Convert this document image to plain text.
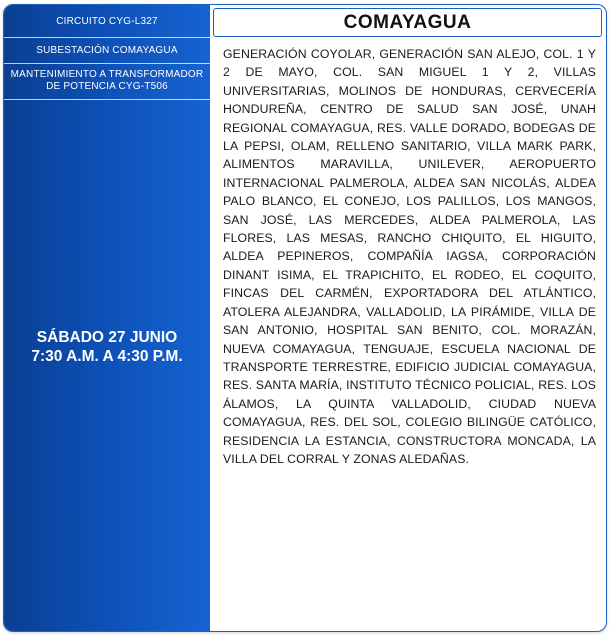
CIRCUITO CYG-L327
SUBESTACIÓN COMAYAGUA
MANTENIMIENTO A TRANSFORMADOR DE POTENCIA CYG-T506
SÁBADO 27 JUNIO
7:30 A.M. A 4:30 P.M.
COMAYAGUA
GENERACIÓN COYOLAR, GENERACIÓN SAN ALEJO, COL. 1 Y 2 DE MAYO, COL. SAN MIGUEL 1 Y 2, VILLAS UNIVERSITARIAS, MOLINOS DE HONDURAS, CERVECERÍA HONDUREÑA, CENTRO DE SALUD SAN JOSÉ, UNAH REGIONAL COMAYAGUA, RES. VALLE DORADO, BODEGAS DE LA PEPSI, OLAM, RELLENO SANITARIO, VILLA MARK PARK, ALIMENTOS MARAVILLA, UNILEVER, AEROPUERTO INTERNACIONAL PALMEROLA, ALDEA SAN NICOLÁS, ALDEA PALO BLANCO, EL CONEJO, LOS PALILLOS, LOS MANGOS, SAN JOSÉ, LAS MERCEDES, ALDEA PALMEROLA, LAS FLORES, LAS MESAS, RANCHO CHIQUITO, EL HIGUITO, ALDEA PEPINEROS, COMPAÑÍA IAGSA, CORPORACIÓN DINANT ISIMA, EL TRAPICHITO, EL RODEO, EL COQUITO, FINCAS DEL CARMÉN, EXPORTADORA DEL ATLÁNTICO, ATOLERA ALEJANDRA, VALLADOLID, LA PIRÁMIDE, VILLA DE SAN ANTONIO, HOSPITAL SAN BENITO, COL. MORAZÁN, NUEVA COMAYAGUA, TENGUAJE, ESCUELA NACIONAL DE TRANSPORTE TERRESTRE, EDIFICIO JUDICIAL COMAYAGUA, RES. SANTA MARÍA, INSTITUTO TÉCNICO POLICIAL, RES. LOS ÁLAMOS, LA QUINTA VALLADOLID, CIUDAD NUEVA COMAYAGUA, RES. DEL SOL, COLEGIO BILINGÜE CATÓLICO, RESIDENCIA LA ESTANCIA, CONSTRUCTORA MONCADA, LA VILLA DEL CORRAL Y ZONAS ALEDAÑAS.
